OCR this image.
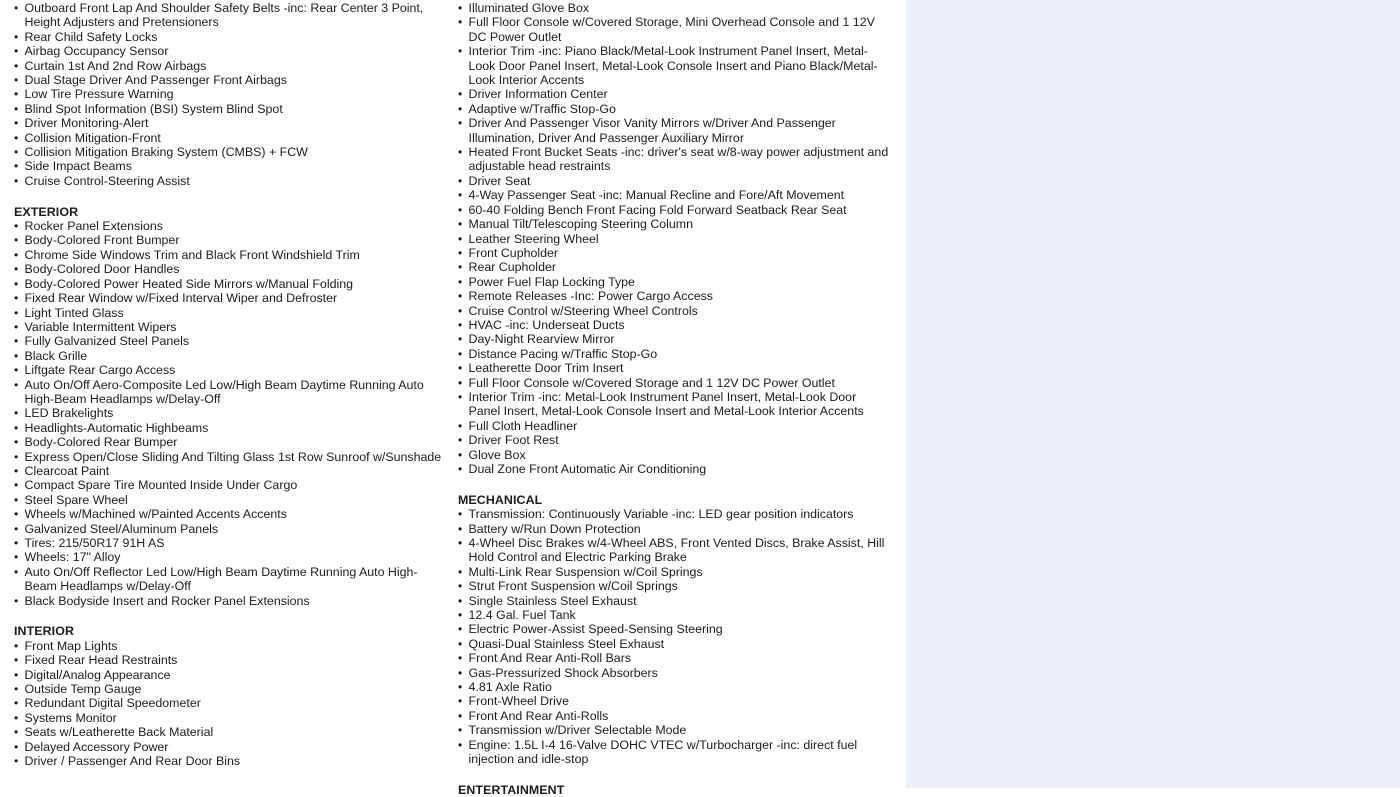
• Outboard Front Lap And Shoulder Safety Belts -inc: Rear Center 3 Point, Height Adjusters and Pretensioners
• Rear Child Safety Locks
• Airbag Occupancy Sensor
• Curtain 1st And 2nd Row Airbags
• Dual Stage Driver And Passenger Front Airbags
• Low Tire Pressure Warning
• Blind Spot Information (BSI) System Blind Spot
• Driver Monitoring-Alert
• Collision Mitigation-Front
• Collision Mitigation Braking System (CMBS) + FCW
• Side Impact Beams
• Cruise Control-Steering Assist
EXTERIOR
• Rocker Panel Extensions
• Body-Colored Front Bumper
• Chrome Side Windows Trim and Black Front Windshield Trim
• Body-Colored Door Handles
• Body-Colored Power Heated Side Mirrors w/Manual Folding
• Fixed Rear Window w/Fixed Interval Wiper and Defroster
• Light Tinted Glass
• Variable Intermittent Wipers
• Fully Galvanized Steel Panels
• Black Grille
• Liftgate Rear Cargo Access
• Auto On/Off Aero-Composite Led Low/High Beam Daytime Running Auto High-Beam Headlamps w/Delay-Off
• LED Brakelights
• Headlights-Automatic Highbeams
• Body-Colored Rear Bumper
• Express Open/Close Sliding And Tilting Glass 1st Row Sunroof w/Sunshade
• Clearcoat Paint
• Compact Spare Tire Mounted Inside Under Cargo
• Steel Spare Wheel
• Wheels w/Machined w/Painted Accents Accents
• Galvanized Steel/Aluminum Panels
• Tires: 215/50R17 91H AS
• Wheels: 17" Alloy
• Auto On/Off Reflector Led Low/High Beam Daytime Running Auto High-Beam Headlamps w/Delay-Off
• Black Bodyside Insert and Rocker Panel Extensions
INTERIOR
• Front Map Lights
• Fixed Rear Head Restraints
• Digital/Analog Appearance
• Outside Temp Gauge
• Redundant Digital Speedometer
• Systems Monitor
• Seats w/Leatherette Back Material
• Delayed Accessory Power
• Driver / Passenger And Rear Door Bins
• Illuminated Glove Box
• Full Floor Console w/Covered Storage, Mini Overhead Console and 1 12V DC Power Outlet
• Interior Trim -inc: Piano Black/Metal-Look Instrument Panel Insert, Metal-Look Door Panel Insert, Metal-Look Console Insert and Piano Black/Metal-Look Interior Accents
• Driver Information Center
• Adaptive w/Traffic Stop-Go
• Driver And Passenger Visor Vanity Mirrors w/Driver And Passenger Illumination, Driver And Passenger Auxiliary Mirror
• Heated Front Bucket Seats -inc: driver's seat w/8-way power adjustment and adjustable head restraints
• Driver Seat
• 4-Way Passenger Seat -inc: Manual Recline and Fore/Aft Movement
• 60-40 Folding Bench Front Facing Fold Forward Seatback Rear Seat
• Manual Tilt/Telescoping Steering Column
• Leather Steering Wheel
• Front Cupholder
• Rear Cupholder
• Power Fuel Flap Locking Type
• Remote Releases -Inc: Power Cargo Access
• Cruise Control w/Steering Wheel Controls
• HVAC -inc: Underseat Ducts
• Day-Night Rearview Mirror
• Distance Pacing w/Traffic Stop-Go
• Leatherette Door Trim Insert
• Full Floor Console w/Covered Storage and 1 12V DC Power Outlet
• Interior Trim -inc: Metal-Look Instrument Panel Insert, Metal-Look Door Panel Insert, Metal-Look Console Insert and Metal-Look Interior Accents
• Full Cloth Headliner
• Driver Foot Rest
• Glove Box
• Dual Zone Front Automatic Air Conditioning
MECHANICAL
• Transmission: Continuously Variable -inc: LED gear position indicators
• Battery w/Run Down Protection
• 4-Wheel Disc Brakes w/4-Wheel ABS, Front Vented Discs, Brake Assist, Hill Hold Control and Electric Parking Brake
• Multi-Link Rear Suspension w/Coil Springs
• Strut Front Suspension w/Coil Springs
• Single Stainless Steel Exhaust
• 12.4 Gal. Fuel Tank
• Electric Power-Assist Speed-Sensing Steering
• Quasi-Dual Stainless Steel Exhaust
• Front And Rear Anti-Roll Bars
• Gas-Pressurized Shock Absorbers
• 4.81 Axle Ratio
• Front-Wheel Drive
• Front And Rear Anti-Rolls
• Transmission w/Driver Selectable Mode
• Engine: 1.5L I-4 16-Valve DOHC VTEC w/Turbocharger -inc: direct fuel injection and idle-stop
ENTERTAINMENT
